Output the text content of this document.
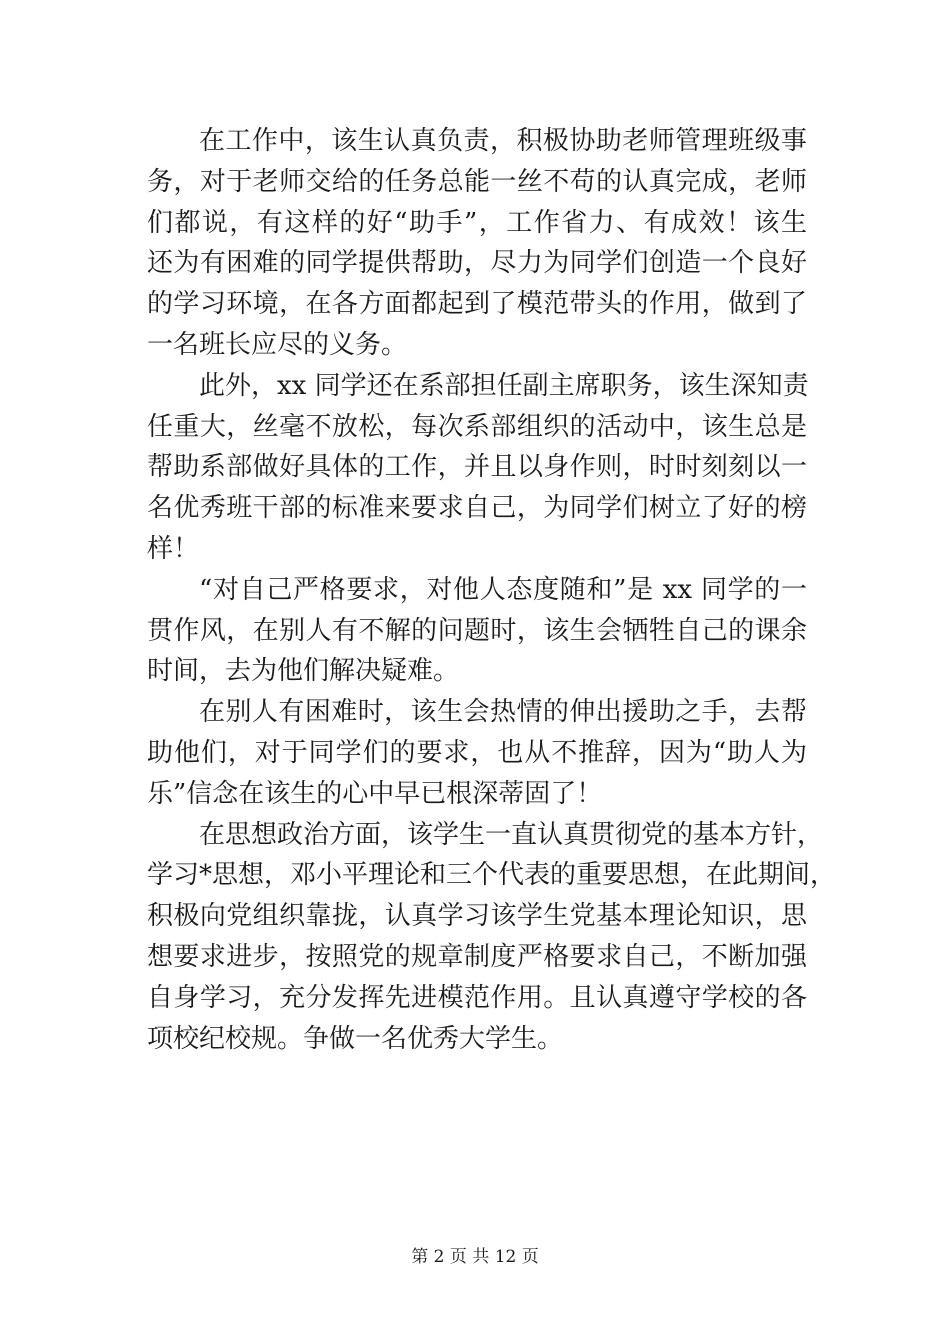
在工作中，该生认真负责，积极协助老师管理班级事
务，对于老师交给的任务总能一丝不苟的认真完成，老师
们都说，有这样的好“助手”，工作省力、有成效！该生
还为有困难的同学提供帮助，尽力为同学们创造一个良好
的学习环境，在各方面都起到了模范带头的作用，做到了
一名班长应尽的义务。
此外，xx 同学还在系部担任副主席职务，该生深知责
任重大，丝毫不放松，每次系部组织的活动中，该生总是
帮助系部做好具体的工作，并且以身作则，时时刻刻以一
名优秀班干部的标准来要求自己，为同学们树立了好的榜
样！
“对自己严格要求，对他人态度随和”是 xx 同学的一
贯作风，在别人有不解的问题时，该生会牺牲自己的课余
时间，去为他们解决疑难。
在别人有困难时，该生会热情的伸出援助之手，去帮
助他们，对于同学们的要求，也从不推辞，因为“助人为
乐”信念在该生的心中早已根深蒂固了！
在思想政治方面，该学生一直认真贯彻党的基本方针，
学习*思想，邓小平理论和三个代表的重要思想，在此期间，
积极向党组织靠拢，认真学习该学生党基本理论知识，思
想要求进步，按照党的规章制度严格要求自己，不断加强
自身学习，充分发挥先进模范作用。且认真遵守学校的各
项校纪校规。争做一名优秀大学生。
第 2 页 共 12 页
